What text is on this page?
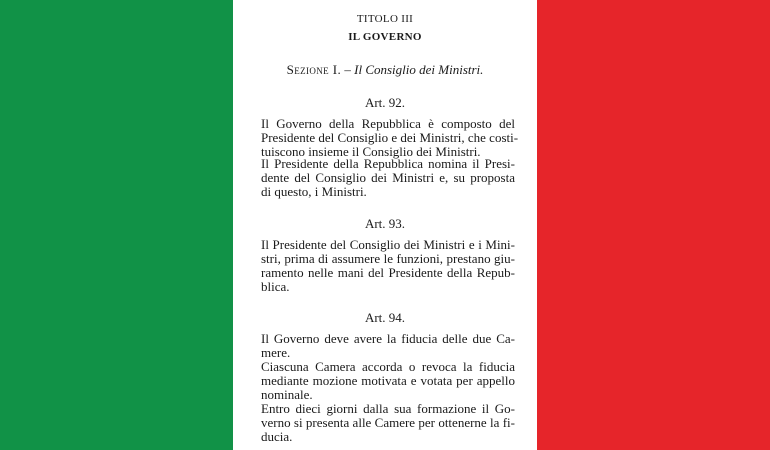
TITOLO III
IL GOVERNO
Sezione I. – Il Consiglio dei Ministri.
Art. 92.
Il Governo della Repubblica è composto del
Presidente del Consiglio e dei Ministri, che costi-
tuiscono insieme il Consiglio dei Ministri.
Il Presidente della Repubblica nomina il Presi-
dente del Consiglio dei Ministri e, su proposta
di questo, i Ministri.
Art. 93.
Il Presidente del Consiglio dei Ministri e i Mini-
stri, prima di assumere le funzioni, prestano giu-
ramento nelle mani del Presidente della Repub-
blica.
Art. 94.
Il Governo deve avere la fiducia delle due Ca-
mere.
Ciascuna Camera accorda o revoca la fiducia
mediante mozione motivata e votata per appello
nominale.
Entro dieci giorni dalla sua formazione il Go-
verno si presenta alle Camere per ottenerne la fi-
ducia.
